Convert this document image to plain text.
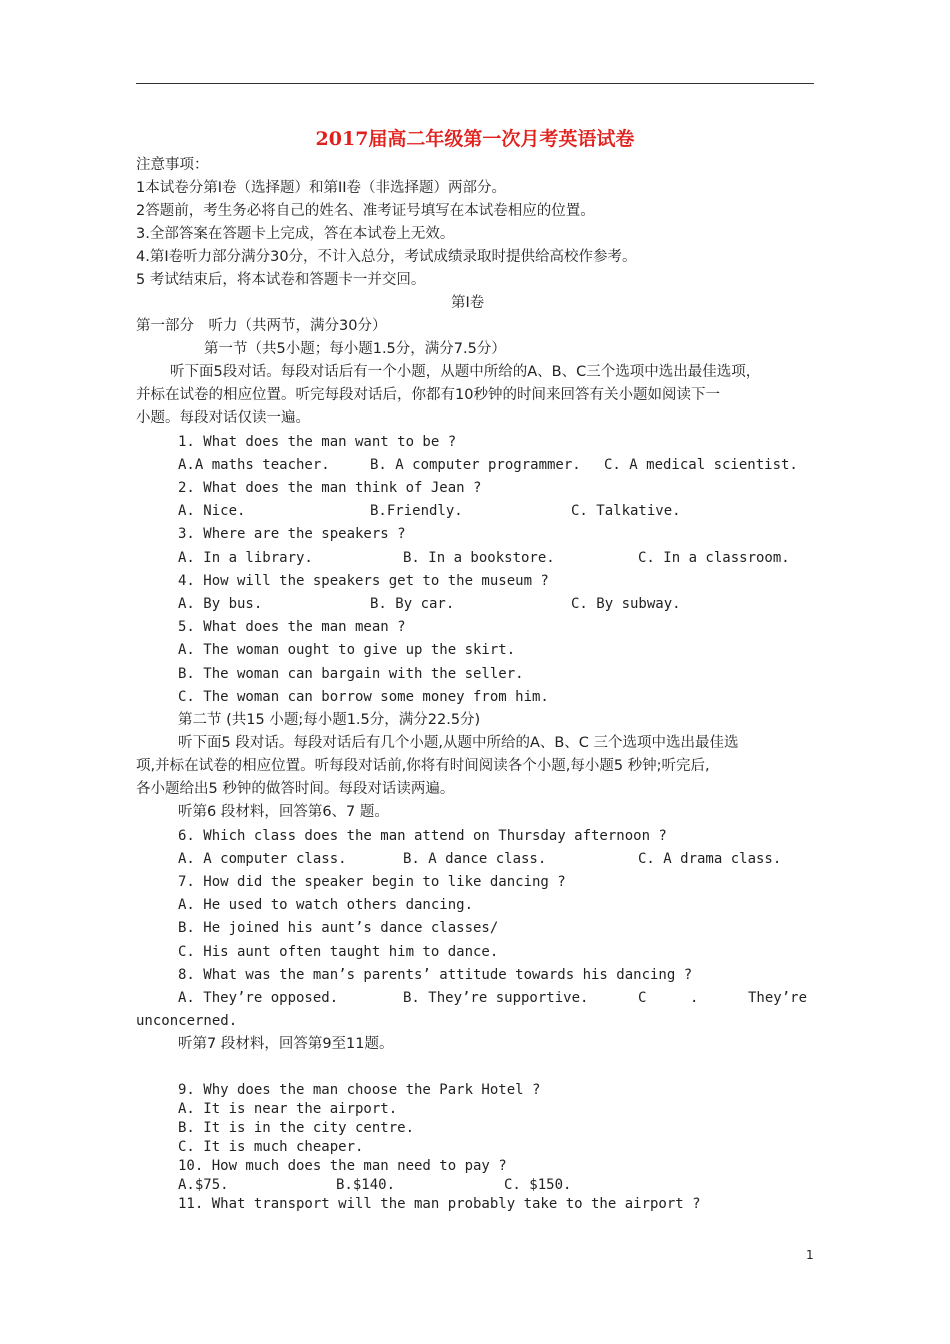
2017届高二年级第一次月考英语试卷
注意事项：
1本试卷分第I卷（选择题）和第II卷（非选择题）两部分。
2答题前，考生务必将自己的姓名、准考证号填写在本试卷相应的位置。
3.全部答案在答题卡上完成，答在本试卷上无效。
4.第I卷听力部分满分30分，不计入总分，考试成绩录取时提供给高校作参考。
5 考试结束后，将本试卷和答题卡一并交回。
第I卷
第一部分　听力（共两节，满分30分）
第一节（共5小题；每小题1.5分，满分7.5分）
听下面5段对话。每段对话后有一个小题，从题中所给的A、B、C三个选项中选出最佳选项，
并标在试卷的相应位置。听完每段对话后，你都有10秒钟的时间来回答有关小题如阅读下一
小题。每段对话仅读一遍。
1. What does the man want to be ?
A.A maths teacher.	B. A computer programmer. C. A medical scientist.
2. What does the man think of Jean ?
A. Nice.	B.Friendly.	C. Talkative.
3. Where are the speakers ?
A. In a library.	B. In a bookstore.	C. In a classroom.
4. How will the speakers get to the museum ?
A. By bus.	B. By car.	C. By subway.
5. What does the man mean ?
A. The woman ought to give up the skirt.
B. The woman can bargain with the seller.
C. The woman can borrow some money from him.
第二节 (共15 小题;每小题1.5分，满分22.5分)
听下面5 段对话。每段对话后有几个小题,从题中所给的A、B、C 三个选项中选出最佳选
项,并标在试卷的相应位置。听每段对话前,你将有时间阅读各个小题,每小题5 秒钟;听完后,
各小题给出5 秒钟的做答时间。每段对话读两遍。
听第6 段材料，回答第6、7 题。
6. Which class does the man attend on Thursday afternoon ?
A. A computer class.	B. A dance class.	C. A drama class.
7. How did the speaker begin to like dancing ?
A. He used to watch others dancing.
B. He joined his aunt’s dance classes/
C. His aunt often taught him to dance.
8. What was the man’s parents’ attitude towards his dancing ?
A. They’re opposed.	B. They’re supportive.	C	.	They’re
unconcerned.
听第7 段材料，回答第9至11题。
9. Why does the man choose the Park Hotel ?
A. It is near the airport.
B. It is in the city centre.
C. It is much cheaper.
10. How much does the man need to pay ?
A.$75.	B.$140.	C. $150.
11. What transport will the man probably take to the airport ?
1
